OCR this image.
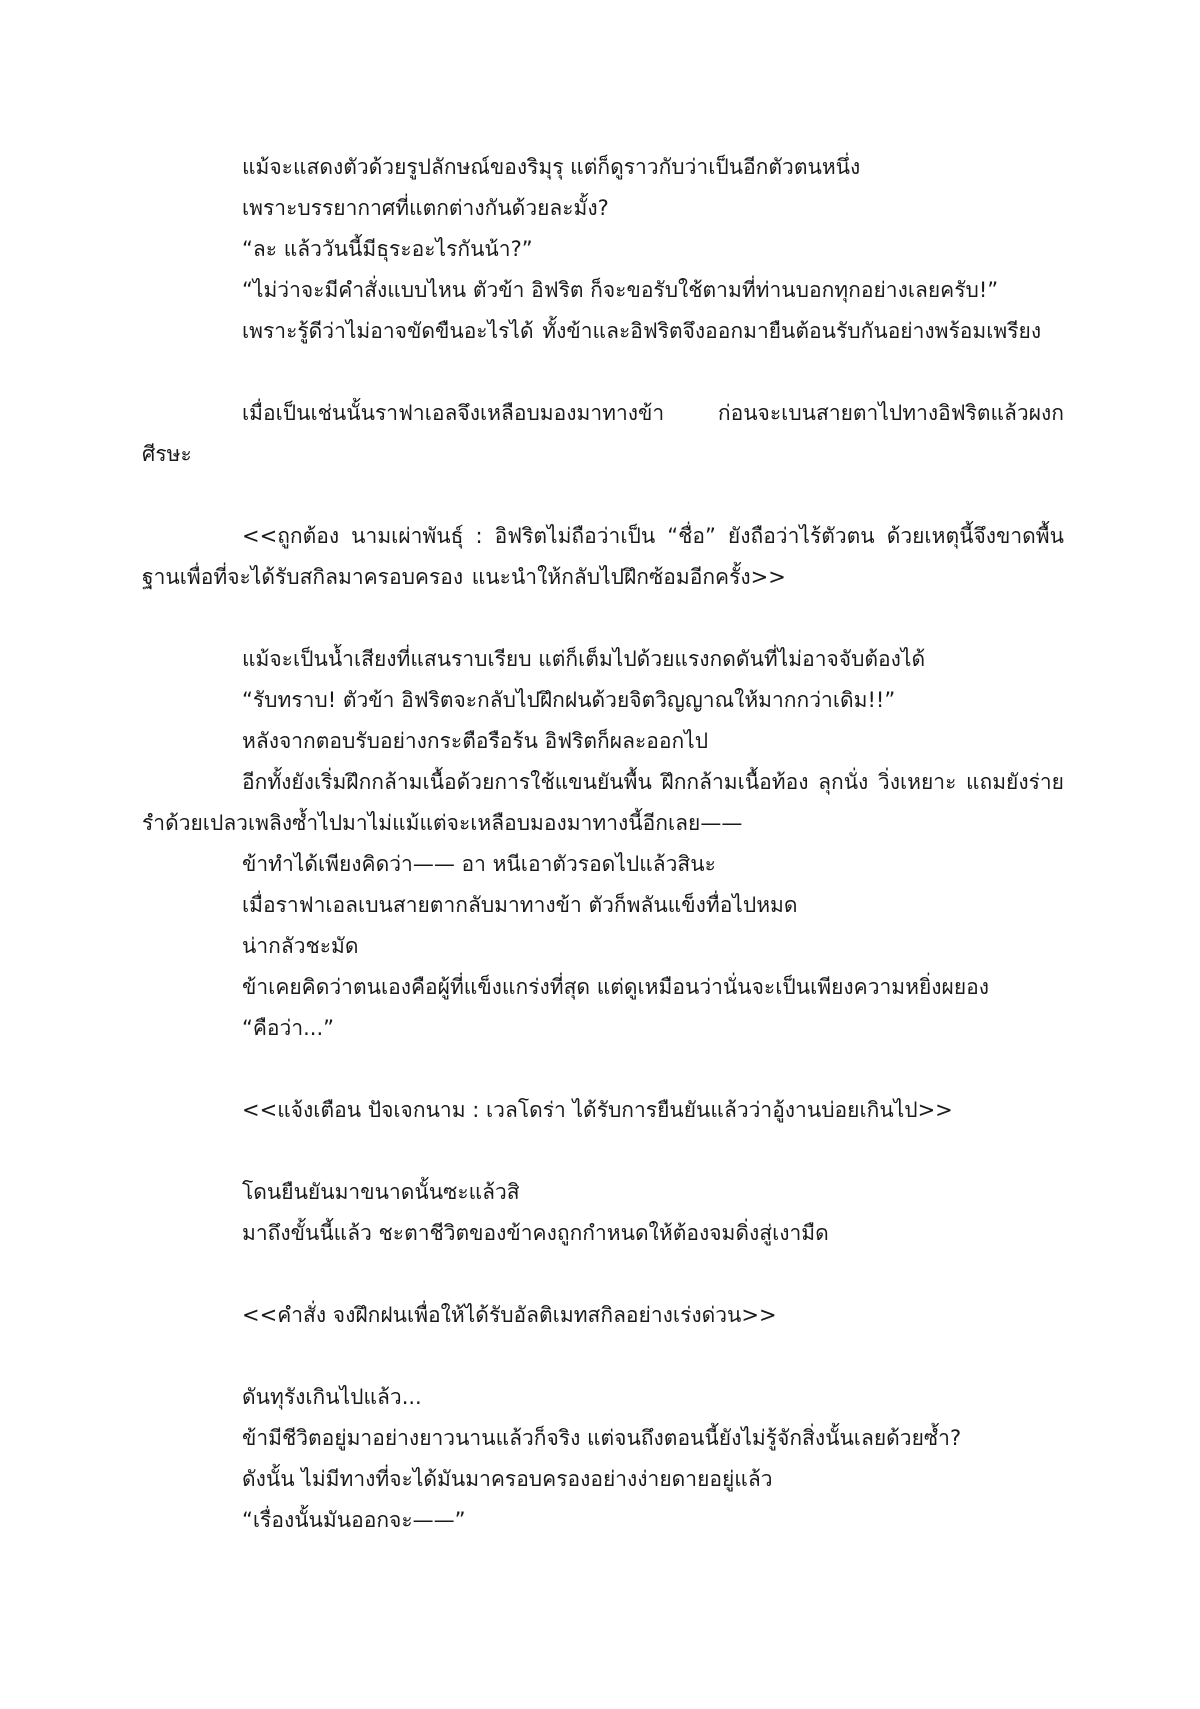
แม้จะแสดงตัวด้วยรูปลักษณ์ของริมุรุ แต่ก็ดูราวกับว่าเป็นอีกตัวตนหนึ่ง

เพราะบรรยากาศที่แตกต่างกันด้วยละมั้ง?

“ละ แล้ววันนี้มีธุระอะไรกันน้า?”

“ไม่ว่าจะมีคำสั่งแบบไหน ตัวข้า อิฟริต ก็จะขอรับใช้ตามที่ท่านบอกทุกอย่างเลยครับ!”

เพราะรู้ดีว่าไม่อาจขัดขืนอะไรได้ ทั้งข้าและอิฟริตจึงออกมายืนต้อนรับกันอย่างพร้อมเพรียง

เมื่อเป็นเช่นนั้นราฟาเอลจึงเหลือบมองมาทางข้า ก่อนจะเบนสายตาไปทางอิฟริตแล้วผงกศีรษะ

<<ถูกต้อง นามเผ่าพันธุ์ : อิฟริตไม่ถือว่าเป็น “ชื่อ” ยังถือว่าไร้ตัวตน ด้วยเหตุนี้จึงขาดพื้นฐานเพื่อที่จะได้รับสกิลมาครอบครอง แนะนำให้กลับไปฝึกซ้อมอีกครั้ง>>

แม้จะเป็นน้ำเสียงที่แสนราบเรียบ แต่ก็เต็มไปด้วยแรงกดดันที่ไม่อาจจับต้องได้

“รับทราบ! ตัวข้า อิฟริตจะกลับไปฝึกฝนด้วยจิตวิญญาณให้มากกว่าเดิม!!”

หลังจากตอบรับอย่างกระตือรือร้น อิฟริตก็ผละออกไป

อีกทั้งยังเริ่มฝึกกล้ามเนื้อด้วยการใช้แขนยันพื้น ฝึกกล้ามเนื้อท้อง ลุกนั่ง วิ่งเหยาะ แถมยังร่ายรำด้วยเปลวเพลิงซ้ำไปมาไม่แม้แต่จะเหลือบมองมาทางนี้อีกเลย——

ข้าทำได้เพียงคิดว่า—— อา หนีเอาตัวรอดไปแล้วสินะ

เมื่อราฟาเอลเบนสายตากลับมาทางข้า ตัวก็พลันแข็งทื่อไปหมด

น่ากลัวชะมัด

ข้าเคยคิดว่าตนเองคือผู้ที่แข็งแกร่งที่สุด แต่ดูเหมือนว่านั่นจะเป็นเพียงความหยิ่งผยอง

“คือว่า...”

<<แจ้งเตือน ปัจเจกนาม : เวลโดร่า ได้รับการยืนยันแล้วว่าอู้งานบ่อยเกินไป>>

โดนยืนยันมาขนาดนั้นซะแล้วสิ

มาถึงขั้นนี้แล้ว ชะตาชีวิตของข้าคงถูกกำหนดให้ต้องจมดิ่งสู่เงามืด

<<คำสั่ง จงฝึกฝนเพื่อให้ได้รับอัลติเมทสกิลอย่างเร่งด่วน>>

ดันทุรังเกินไปแล้ว...

ข้ามีชีวิตอยู่มาอย่างยาวนานแล้วก็จริง แต่จนถึงตอนนี้ยังไม่รู้จักสิ่งนั้นเลยด้วยซ้ำ?

ดังนั้น ไม่มีทางที่จะได้มันมาครอบครองอย่างง่ายดายอยู่แล้ว

“เรื่องนั้นมันออกจะ——”
